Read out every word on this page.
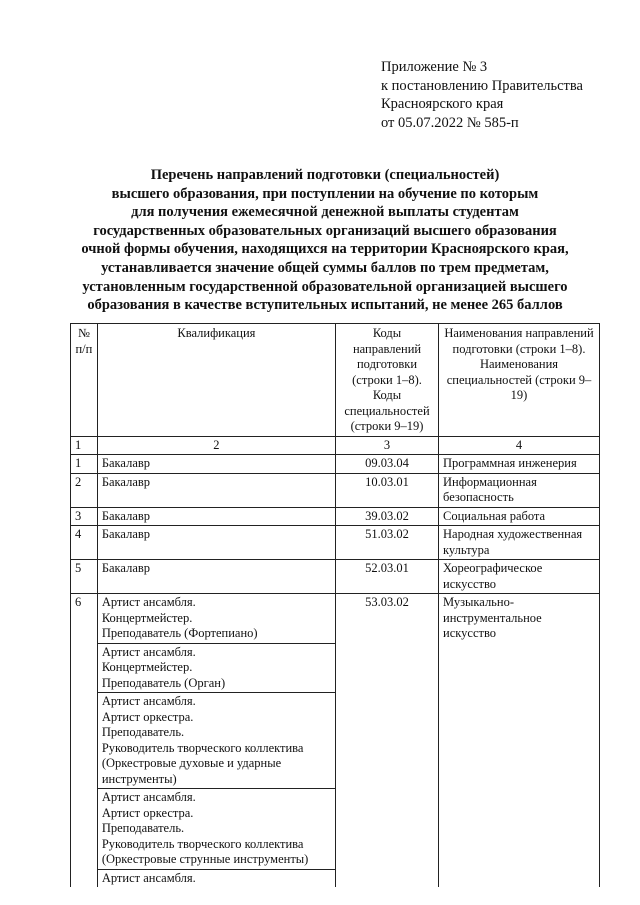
Приложение № 3
к постановлению Правительства
Красноярского края
от 05.07.2022 № 585-п
Перечень направлений подготовки (специальностей)
высшего образования, при поступлении на обучение по которым
для получения ежемесячной денежной выплаты студентам
государственных образовательных организаций высшего образования
очной формы обучения, находящихся на территории Красноярского края,
устанавливается значение общей суммы баллов по трем предметам,
установленным государственной образовательной организацией высшего
образования в качестве вступительных испытаний, не менее 265 баллов
№ п/п	Квалификация	Коды направлений подготовки (строки 1–8). Коды специальностей (строки 9–19)	Наименования направлений подготовки (строки 1–8). Наименования специальностей (строки 9–19)
1	2	3	4
1	Бакалавр	09.03.04	Программная инженерия
2	Бакалавр	10.03.01	Информационная безопасность
3	Бакалавр	39.03.02	Социальная работа
4	Бакалавр	51.03.02	Народная художественная культура
5	Бакалавр	52.03.01	Хореографическое искусство
6	Артист ансамбля.
Концертмейстер.
Преподаватель (Фортепиано)	53.03.02	Музыкально-инструментальное искусство
	Артист ансамбля.
Концертмейстер.
Преподаватель (Орган)		
	Артист ансамбля.
Артист оркестра.
Преподаватель.
Руководитель творческого коллектива (Оркестровые духовые и ударные инструменты)		
	Артист ансамбля.
Артист оркестра.
Преподаватель.
Руководитель творческого коллектива (Оркестровые струнные инструменты)		
	Артист ансамбля.		
